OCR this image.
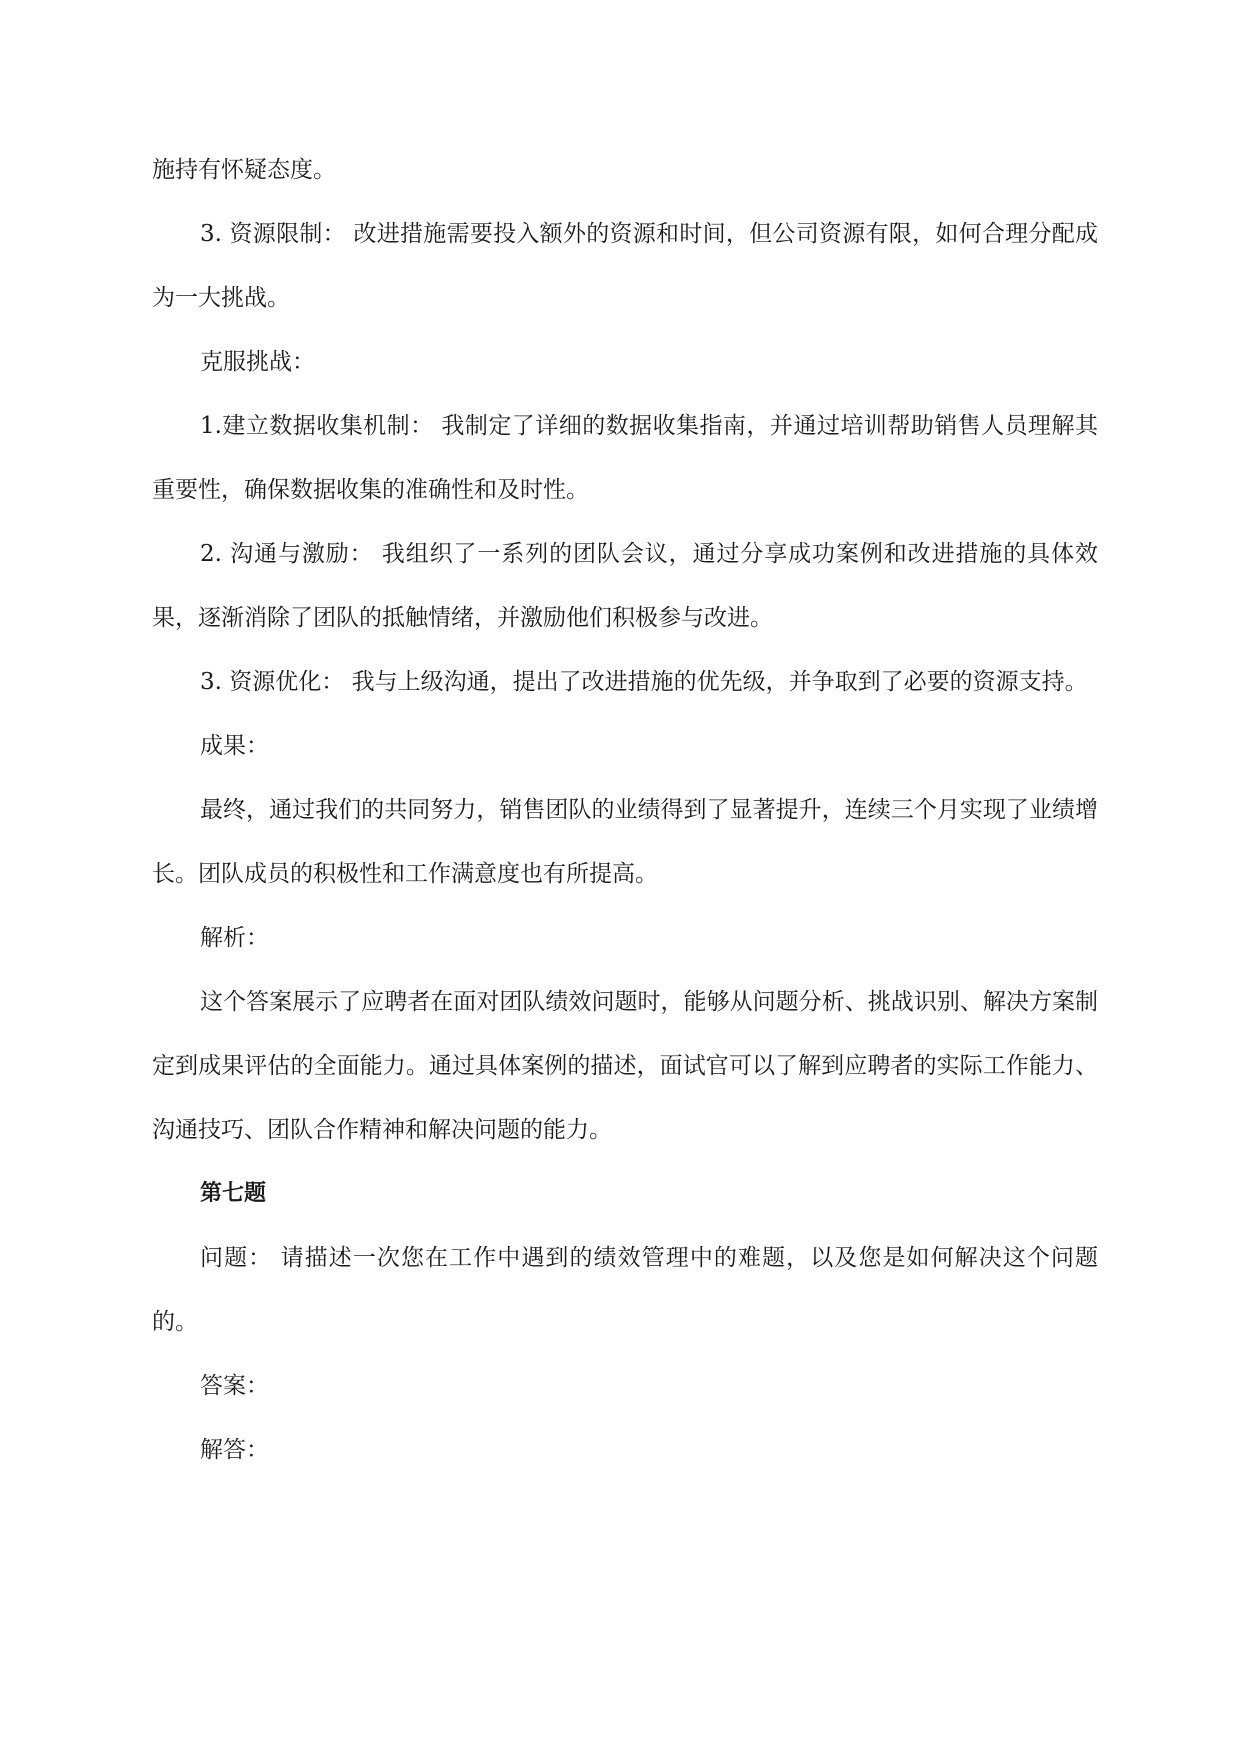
施持有怀疑态度。

3. 资源限制： 改进措施需要投入额外的资源和时间，但公司资源有限，如何合理分配成为一大挑战。

克服挑战：

1.建立数据收集机制： 我制定了详细的数据收集指南，并通过培训帮助销售人员理解其重要性，确保数据收集的准确性和及时性。

2. 沟通与激励： 我组织了一系列的团队会议，通过分享成功案例和改进措施的具体效果，逐渐消除了团队的抵触情绪，并激励他们积极参与改进。

3. 资源优化： 我与上级沟通，提出了改进措施的优先级，并争取到了必要的资源支持。

成果：

最终，通过我们的共同努力，销售团队的业绩得到了显著提升，连续三个月实现了业绩增长。团队成员的积极性和工作满意度也有所提高。

解析：

这个答案展示了应聘者在面对团队绩效问题时，能够从问题分析、挑战识别、解决方案制定到成果评估的全面能力。通过具体案例的描述，面试官可以了解到应聘者的实际工作能力、沟通技巧、团队合作精神和解决问题的能力。

第七题

问题： 请描述一次您在工作中遇到的绩效管理中的难题，以及您是如何解决这个问题的。

答案：

解答：
